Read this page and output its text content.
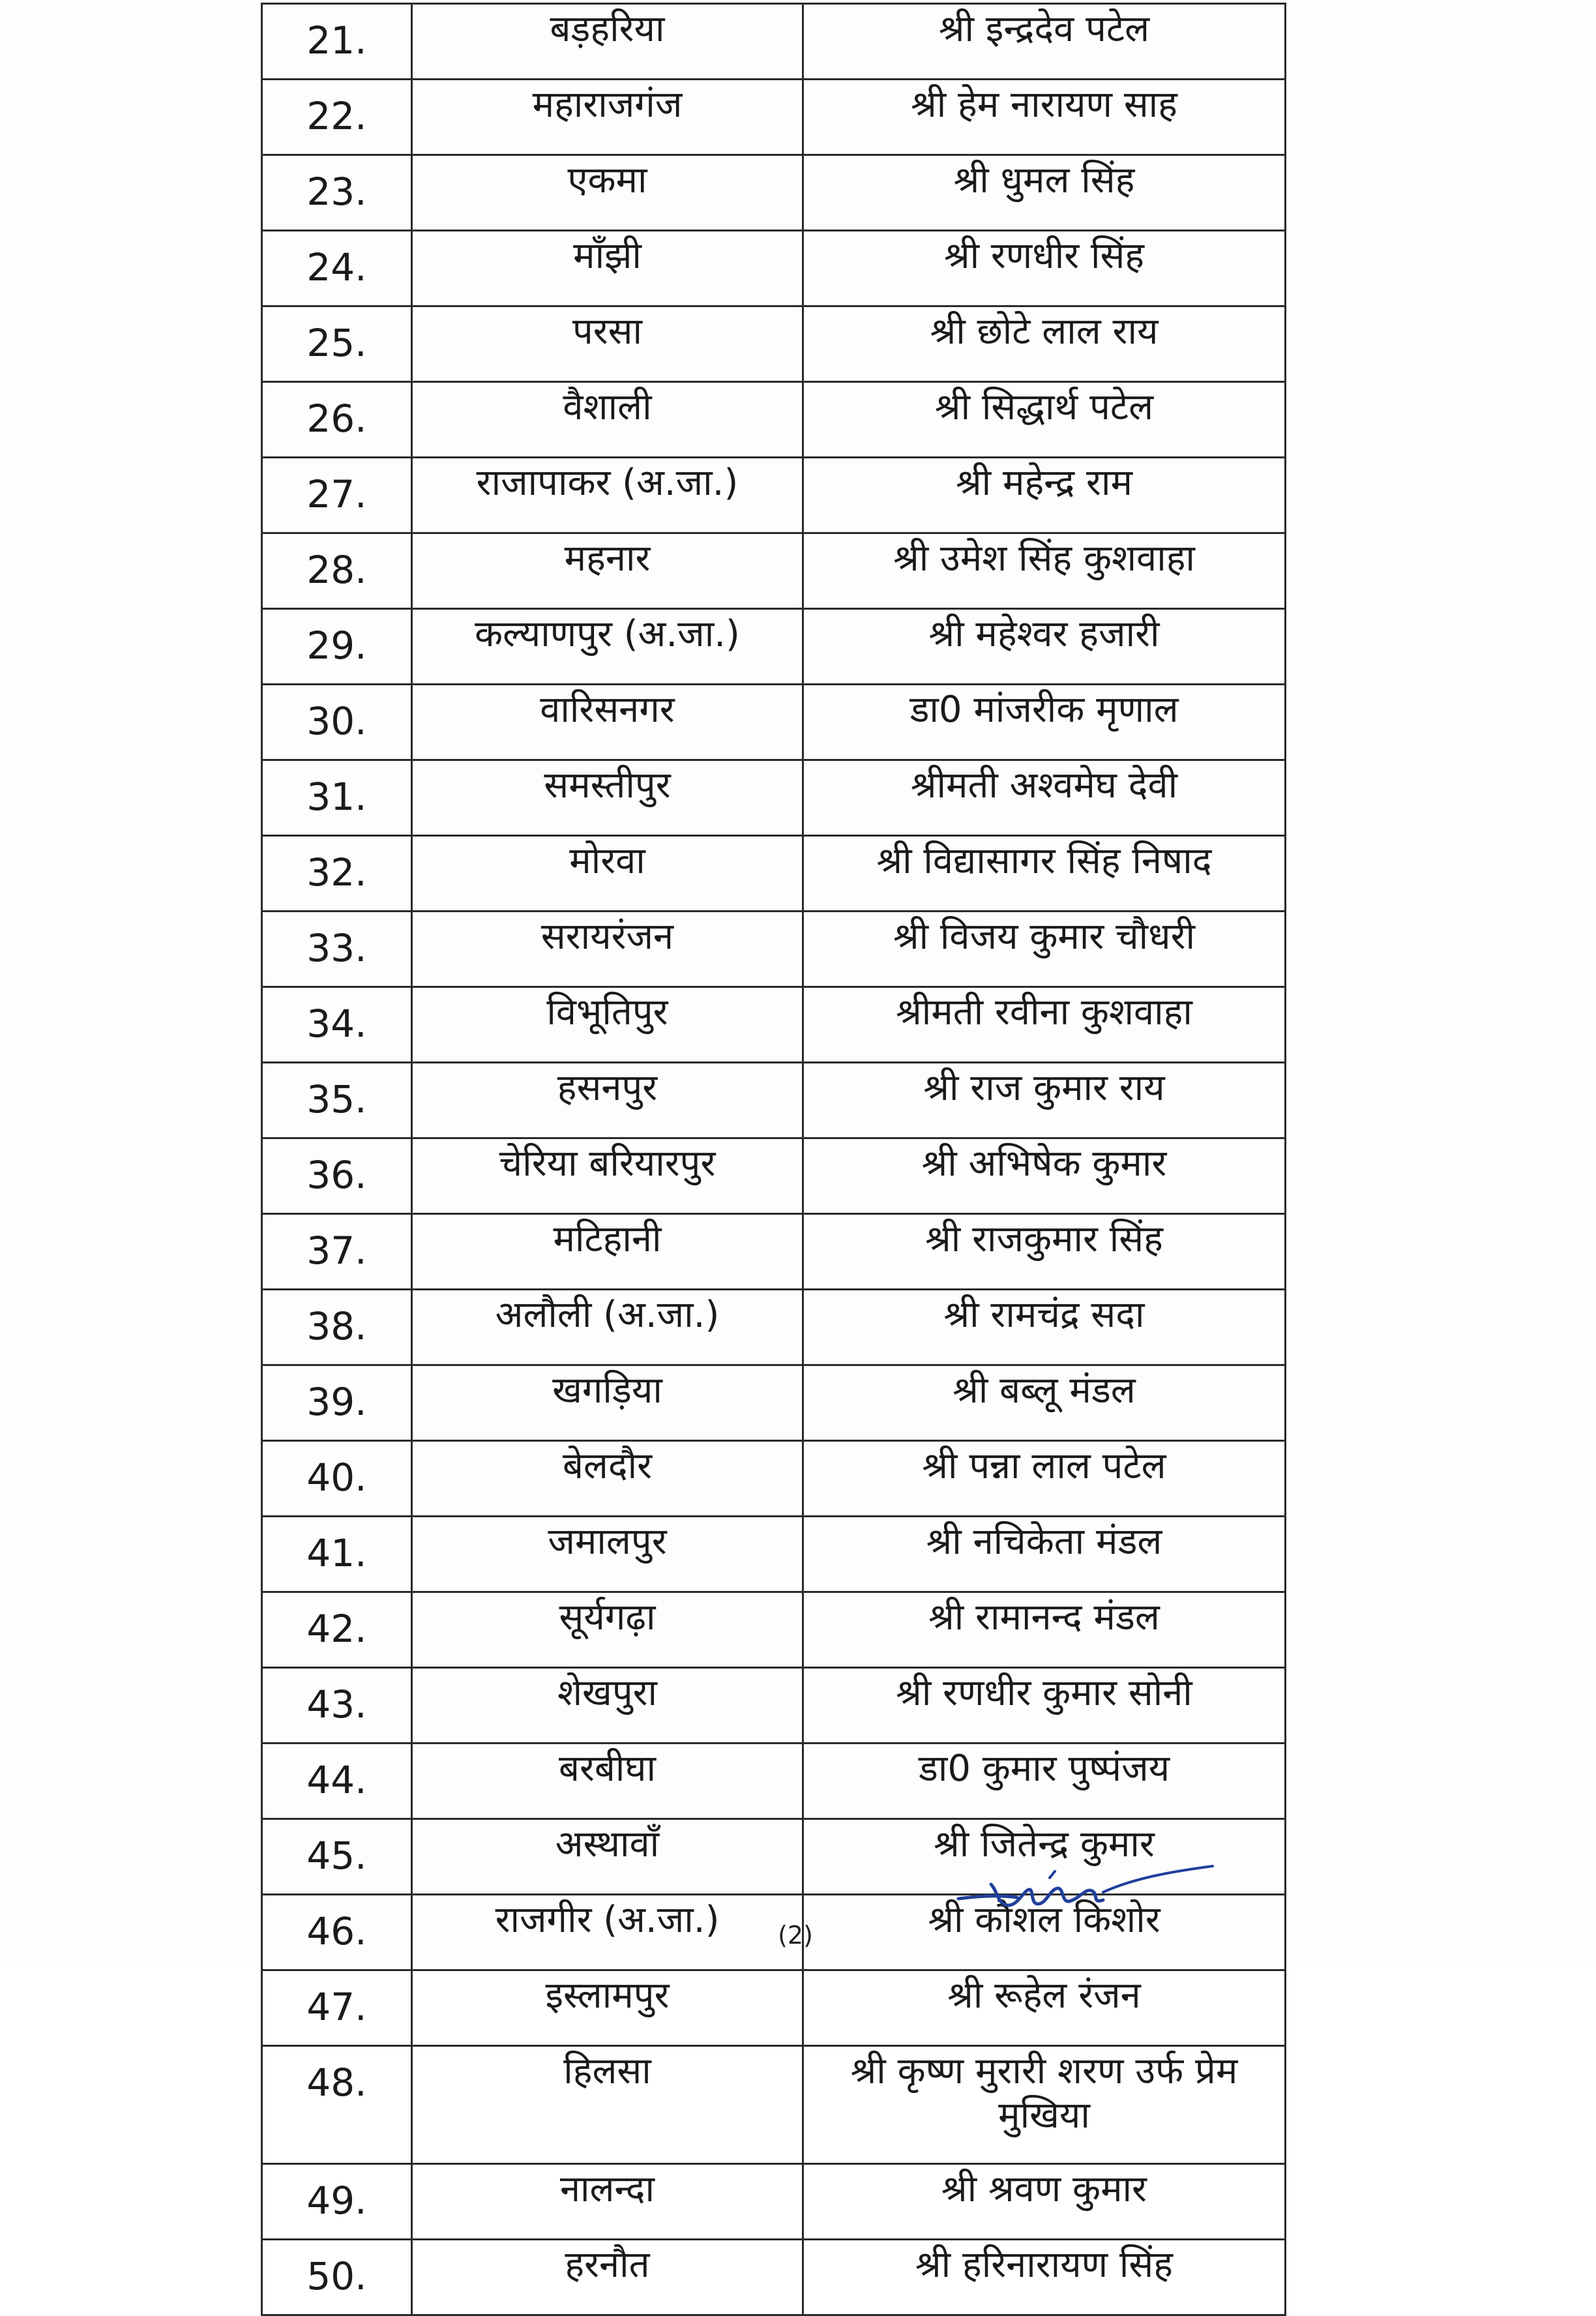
21.	बड़हरिया	श्री इन्द्रदेव पटेल
22.	महाराजगंज	श्री हेम नारायण साह
23.	एकमा	श्री धुमल सिंह
24.	माँझी	श्री रणधीर सिंह
25.	परसा	श्री छोटे लाल राय
26.	वैशाली	श्री सिद्धार्थ पटेल
27.	राजापाकर (अ.जा.)	श्री महेन्द्र राम
28.	महनार	श्री उमेश सिंह कुशवाहा
29.	कल्याणपुर (अ.जा.)	श्री महेश्वर हजारी
30.	वारिसनगर	डा0 मांजरीक मृणाल
31.	समस्तीपुर	श्रीमती अश्वमेघ देवी
32.	मोरवा	श्री विद्यासागर सिंह निषाद
33.	सरायरंजन	श्री विजय कुमार चौधरी
34.	विभूतिपुर	श्रीमती रवीना कुशवाहा
35.	हसनपुर	श्री राज कुमार राय
36.	चेरिया बरियारपुर	श्री अभिषेक कुमार
37.	मटिहानी	श्री राजकुमार सिंह
38.	अलौली (अ.जा.)	श्री रामचंद्र सदा
39.	खगड़िया	श्री बब्लू मंडल
40.	बेलदौर	श्री पन्ना लाल पटेल
41.	जमालपुर	श्री नचिकेता मंडल
42.	सूर्यगढ़ा	श्री रामानन्द मंडल
43.	शेखपुरा	श्री रणधीर कुमार सोनी
44.	बरबीघा	डा0 कुमार पुष्पंजय
45.	अस्थावाँ	श्री जितेन्द्र कुमार
46.	राजगीर (अ.जा.)	श्री कौशल किशोर
47.	इस्लामपुर	श्री रूहेल रंजन
48.	हिलसा	श्री कृष्ण मुरारी शरण उर्फ प्रेम मुखिया
49.	नालन्दा	श्री श्रवण कुमार
50.	हरनौत	श्री हरिनारायण सिंह
(2)
